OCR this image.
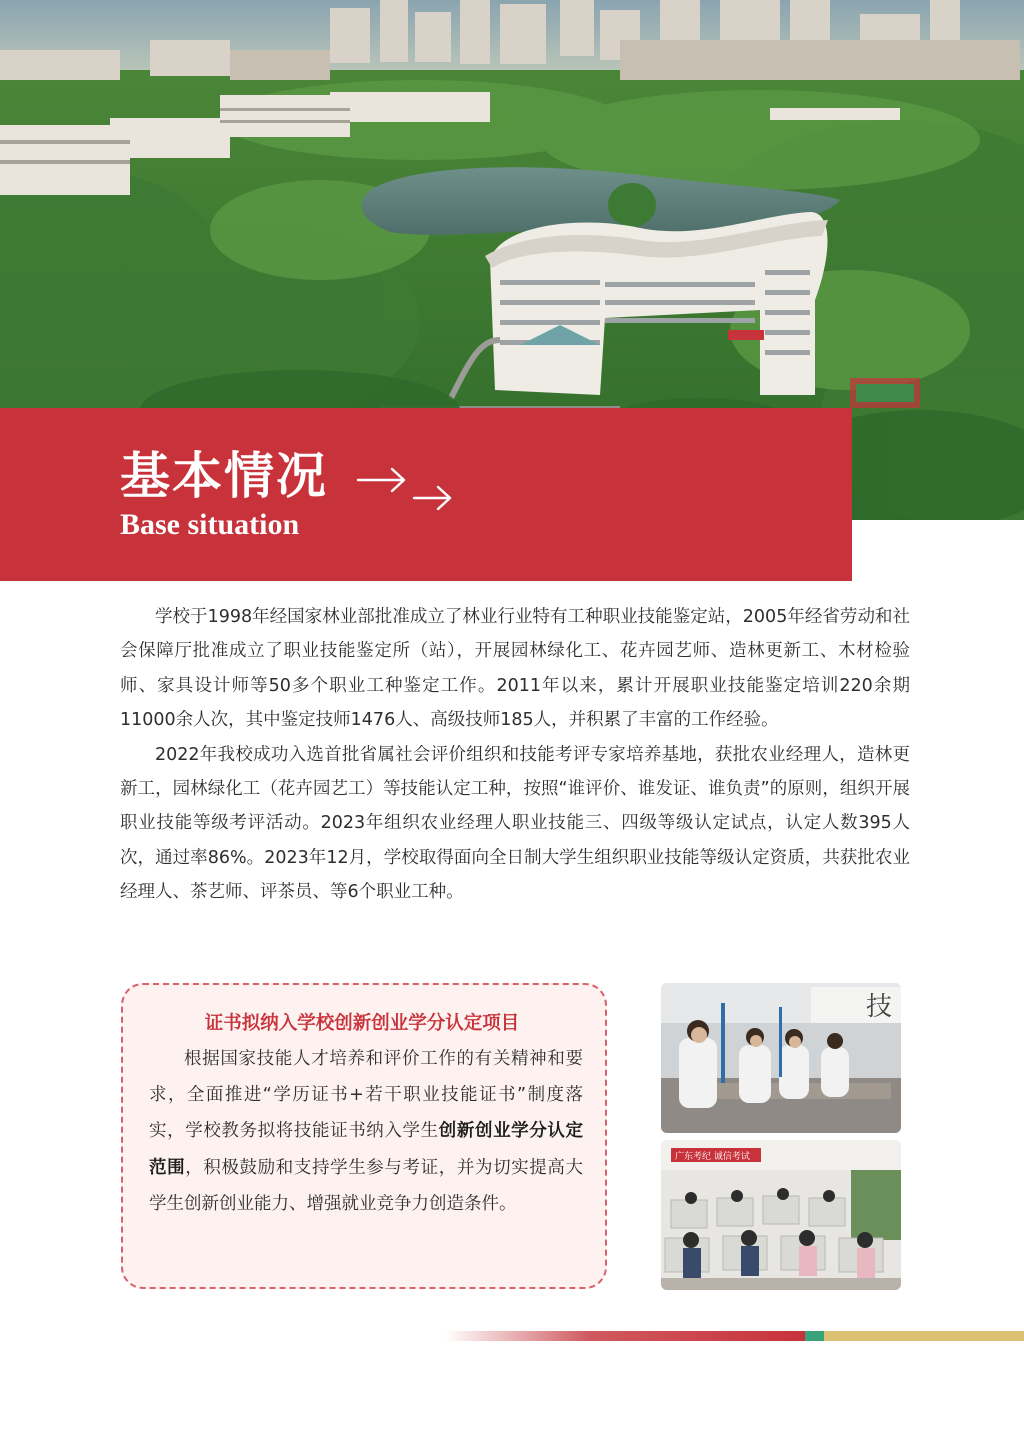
基本情况
Base situation

学校于1998年经国家林业部批准成立了林业行业特有工种职业技能鉴定站，2005年经省劳动和社会保障厅批准成立了职业技能鉴定所（站），开展园林绿化工、花卉园艺师、造林更新工、木材检验师、家具设计师等50多个职业工种鉴定工作。2011年以来，累计开展职业技能鉴定培训220余期11000余人次，其中鉴定技师1476人、高级技师185人，并积累了丰富的工作经验。

2022年我校成功入选首批省属社会评价组织和技能考评专家培养基地，获批农业经理人，造林更新工，园林绿化工（花卉园艺工）等技能认定工种，按照“谁评价、谁发证、谁负责”的原则，组织开展职业技能等级考评活动。2023年组织农业经理人职业技能三、四级等级认定试点，认定人数395人次，通过率86%。2023年12月，学校取得面向全日制大学生组织职业技能等级认定资质，共获批农业经理人、茶艺师、评茶员、等6个职业工种。

证书拟纳入学校创新创业学分认定项目

根据国家技能人才培养和评价工作的有关精神和要求，全面推进“学历证书+若干职业技能证书”制度落实，学校教务拟将技能证书纳入学生创新创业学分认定范围，积极鼓励和支持学生参与考证，并为切实提高大学生创新创业能力、增强就业竞争力创造条件。

技
广东考纪 诚信考试
